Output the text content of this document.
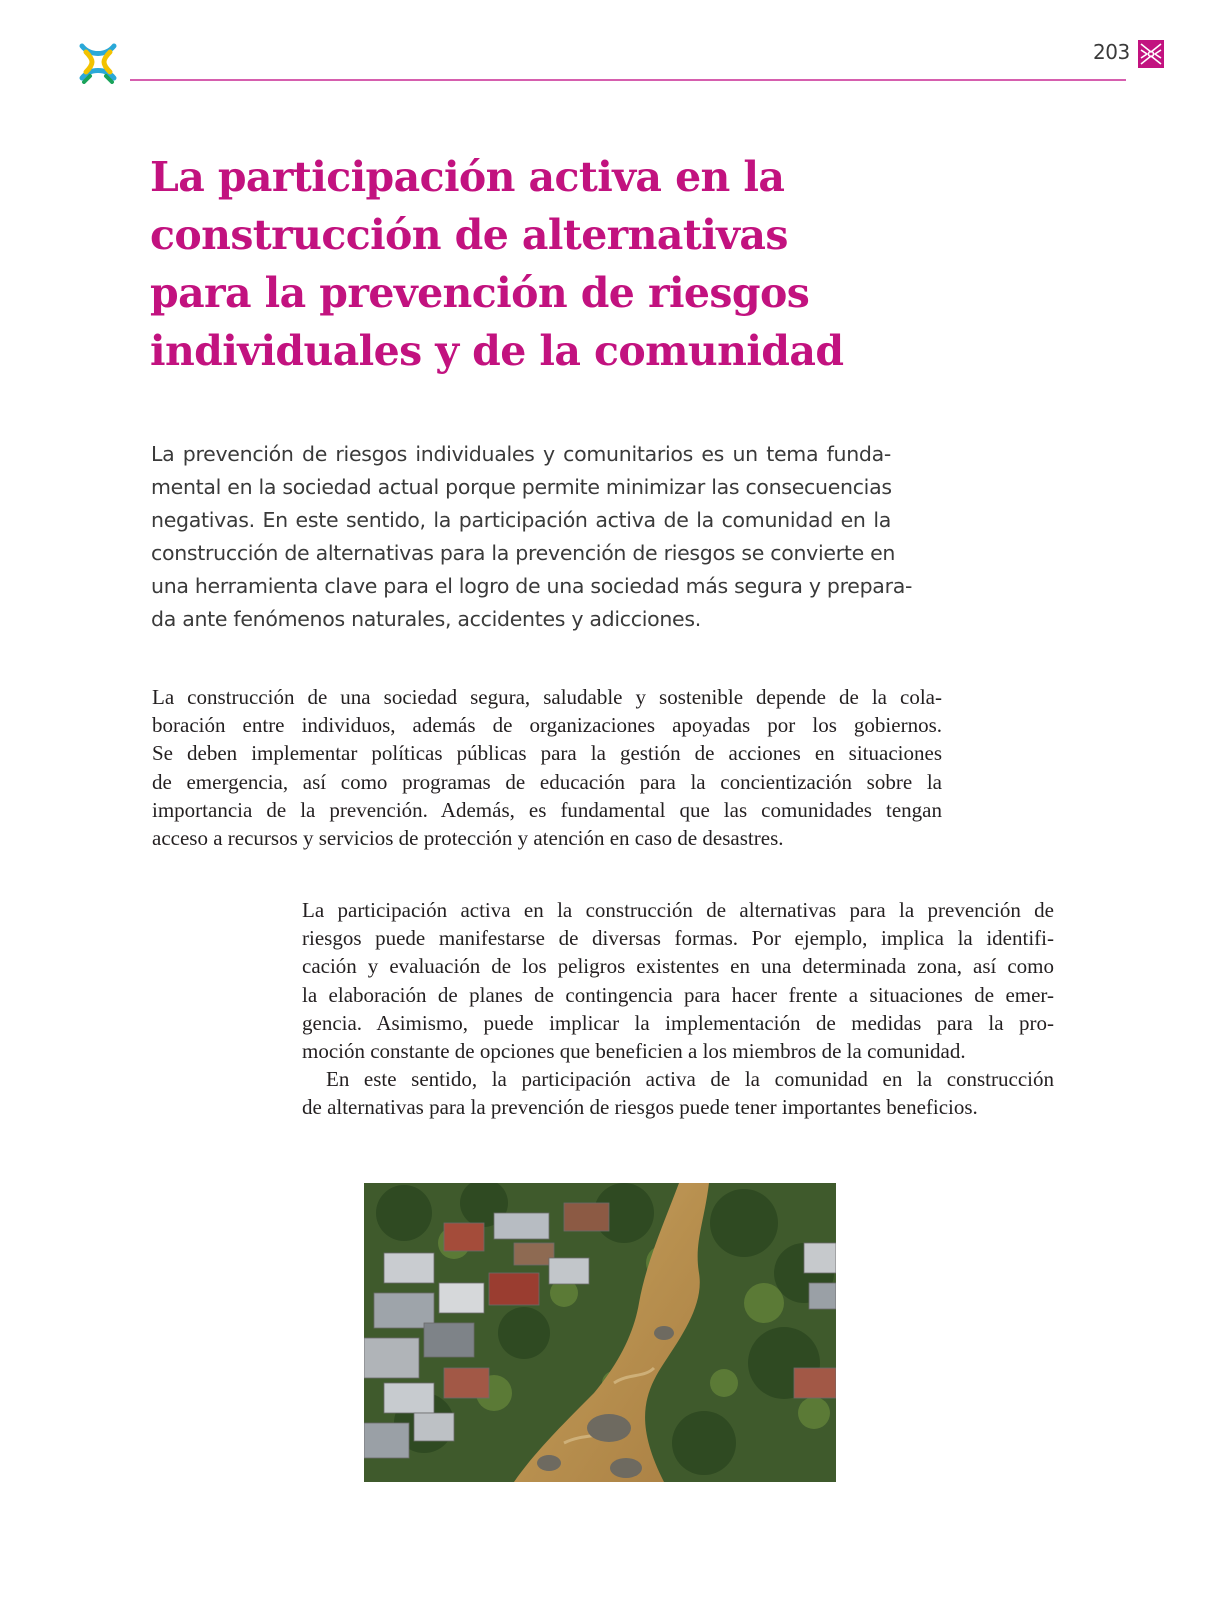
203
La participación activa en la
construcción de alternativas
para la prevención de riesgos
individuales y de la comunidad

La prevención de riesgos individuales y comunitarios es un tema funda-
mental en la sociedad actual porque permite minimizar las consecuencias
negativas. En este sentido, la participación activa de la comunidad en la
construcción de alternativas para la prevención de riesgos se convierte en
una herramienta clave para el logro de una sociedad más segura y prepara-
da ante fenómenos naturales, accidentes y adicciones.

La construcción de una sociedad segura, saludable y sostenible depende de la cola-
boración entre individuos, además de organizaciones apoyadas por los gobiernos.
Se deben implementar políticas públicas para la gestión de acciones en situaciones
de emergencia, así como programas de educación para la concientización sobre la
importancia de la prevención. Además, es fundamental que las comunidades tengan
acceso a recursos y servicios de protección y atención en caso de desastres.

La participación activa en la construcción de alternativas para la prevención de
riesgos puede manifestarse de diversas formas. Por ejemplo, implica la identifi-
cación y evaluación de los peligros existentes en una determinada zona, así como
la elaboración de planes de contingencia para hacer frente a situaciones de emer-
gencia. Asimismo, puede implicar la implementación de medidas para la pro-
moción constante de opciones que beneficien a los miembros de la comunidad.
En este sentido, la participación activa de la comunidad en la construcción
de alternativas para la prevención de riesgos puede tener importantes beneficios.
